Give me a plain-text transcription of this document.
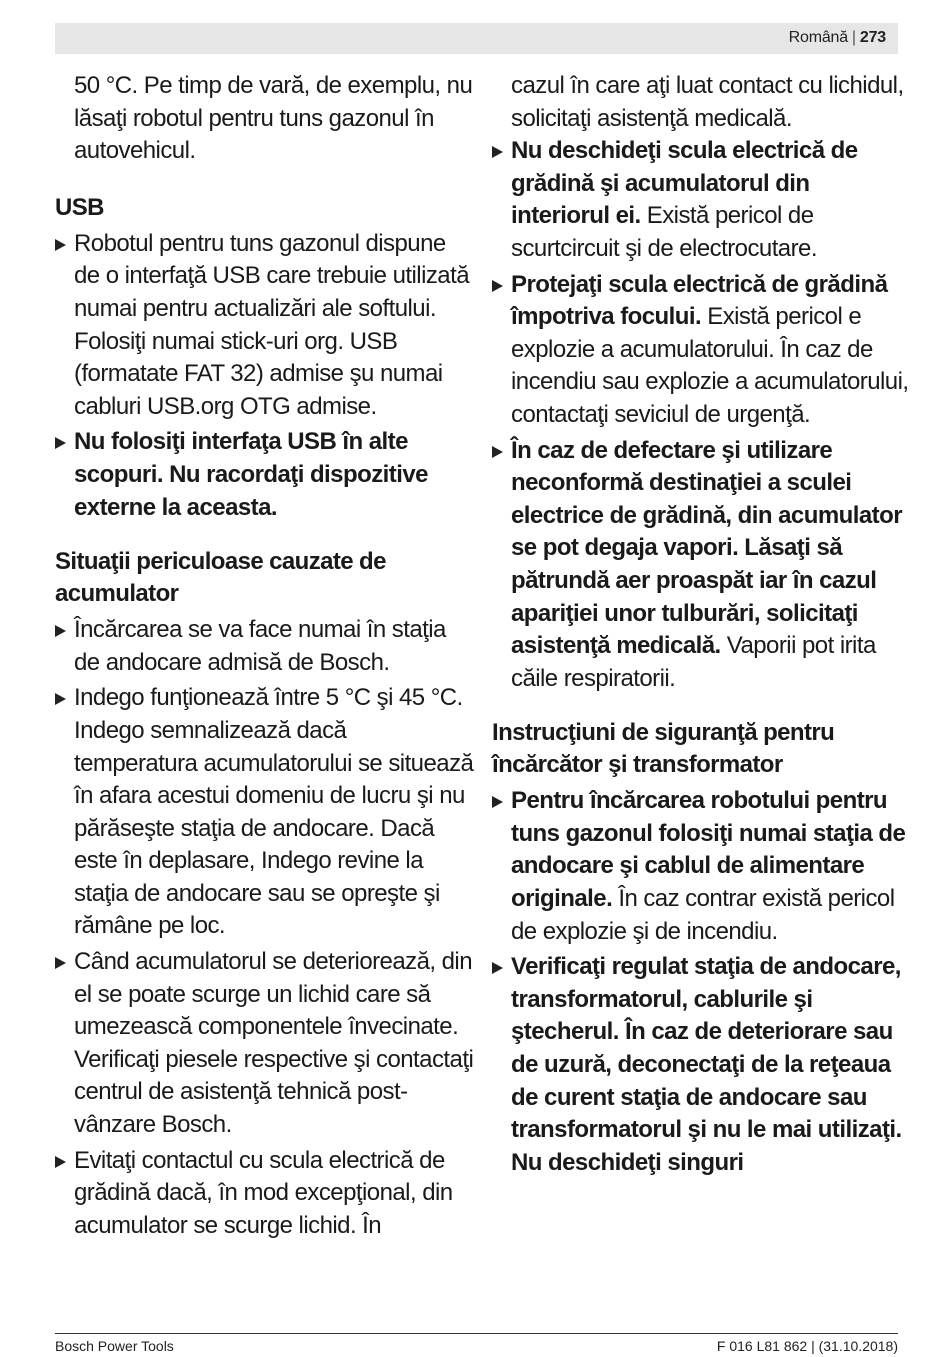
Română | 273
50 °C. Pe timp de vară, de exemplu, nu lăsaţi robotul pentru tuns gazonul în autovehicul.
USB
Robotul pentru tuns gazonul dispune de o interfaţă USB care trebuie utilizată numai pentru actualizări ale softului. Folosiţi numai stick-uri org. USB (formatate FAT 32) admise şu numai cabluri USB.org OTG admise.
Nu folosiţi interfaţa USB în alte scopuri. Nu racordaţi dispozitive externe la aceasta.
Situaţii periculoase cauzate de acumulator
Încărcarea se va face numai în staţia de andocare admisă de Bosch.
Indego funţionează între 5 °C şi 45 °C. Indego semnalizează dacă temperatura acumulatorului se situează în afara acestui domeniu de lucru şi nu părăseşte staţia de andocare. Dacă este în deplasare, Indego revine la staţia de andocare sau se opreşte şi rămâne pe loc.
Când acumulatorul se deteriorează, din el se poate scurge un lichid care să umezească componentele învecinate. Verificaţi piesele respective şi contactaţi centrul de asistenţă tehnică post-vânzare Bosch.
Evitaţi contactul cu scula electrică de grădină dacă, în mod excepţional, din acumulator se scurge lichid. În
cazul în care aţi luat contact cu lichidul, solicitaţi asistenţă medicală.
Nu deschideţi scula electrică de grădină şi acumulatorul din interiorul ei. Există pericol de scurtcircuit şi de electrocutare.
Protejaţi scula electrică de grădină împotriva focului. Există pericol e explozie a acumulatorului. În caz de incendiu sau explozie a acumulatorului, contactaţi seviciul de urgenţă.
În caz de defectare şi utilizare neconformă destinaţiei a sculei electrice de grădină, din acumulator se pot degaja vapori. Lăsaţi să pătrundă aer proaspăt iar în cazul apariţiei unor tulburări, solicitaţi asistenţă medicală. Vaporii pot irita căile respiratorii.
Instrucţiuni de siguranţă pentru încărcător şi transformator
Pentru încărcarea robotului pentru tuns gazonul folosiţi numai staţia de andocare şi cablul de alimentare originale. În caz contrar există pericol de explozie şi de incendiu.
Verificaţi regulat staţia de andocare, transformatorul, cablurile şi ştecherul. În caz de deteriorare sau de uzură, deconectaţi de la reţeaua de curent staţia de andocare sau transformatorul şi nu le mai utilizaţi. Nu deschideţi singuri
Bosch Power Tools	F 016 L81 862 | (31.10.2018)
